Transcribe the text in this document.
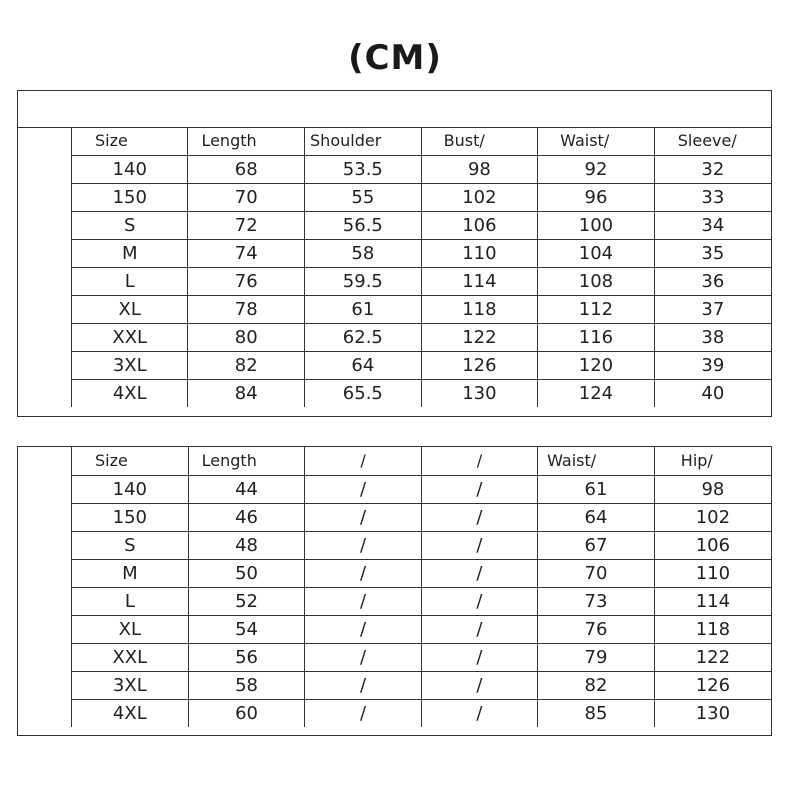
(CM)
Size	Length	Shoulder	Bust/	Waist/	Sleeve/
140	68	53.5	98	92	32
150	70	55	102	96	33
S	72	56.5	106	100	34
M	74	58	110	104	35
L	76	59.5	114	108	36
XL	78	61	118	112	37
XXL	80	62.5	122	116	38
3XL	82	64	126	120	39
4XL	84	65.5	130	124	40
Size	Length	/	/	Waist/	Hip/
140	44	/	/	61	98
150	46	/	/	64	102
S	48	/	/	67	106
M	50	/	/	70	110
L	52	/	/	73	114
XL	54	/	/	76	118
XXL	56	/	/	79	122
3XL	58	/	/	82	126
4XL	60	/	/	85	130
